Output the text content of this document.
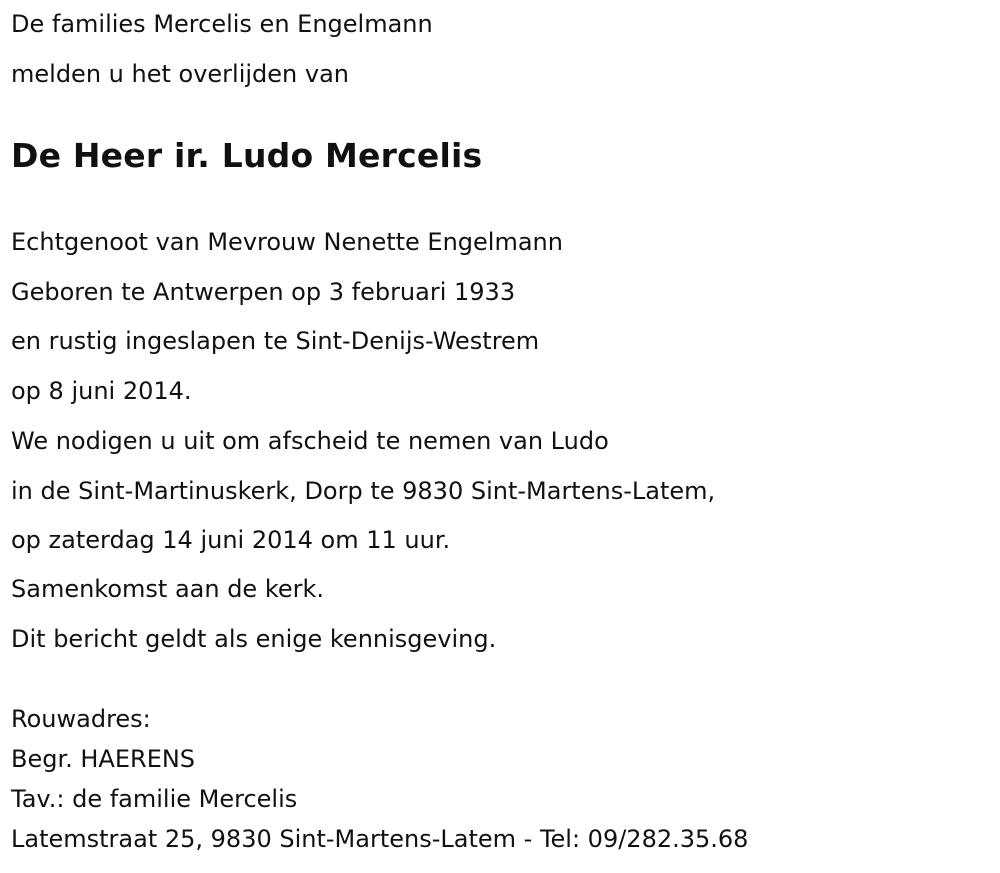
De families Mercelis en Engelmann
melden u het overlijden van
De Heer ir. Ludo Mercelis
Echtgenoot van Mevrouw Nenette Engelmann
Geboren te Antwerpen op 3 februari 1933
en rustig ingeslapen te Sint-Denijs-Westrem
op 8 juni 2014.
We nodigen u uit om afscheid te nemen van Ludo
in de Sint-Martinuskerk, Dorp te 9830 Sint-Martens-Latem,
op zaterdag 14 juni 2014 om 11 uur.
Samenkomst aan de kerk.
Dit bericht geldt als enige kennisgeving.
Rouwadres:
Begr. HAERENS
Tav.: de familie Mercelis
Latemstraat 25, 9830 Sint-Martens-Latem - Tel: 09/282.35.68
